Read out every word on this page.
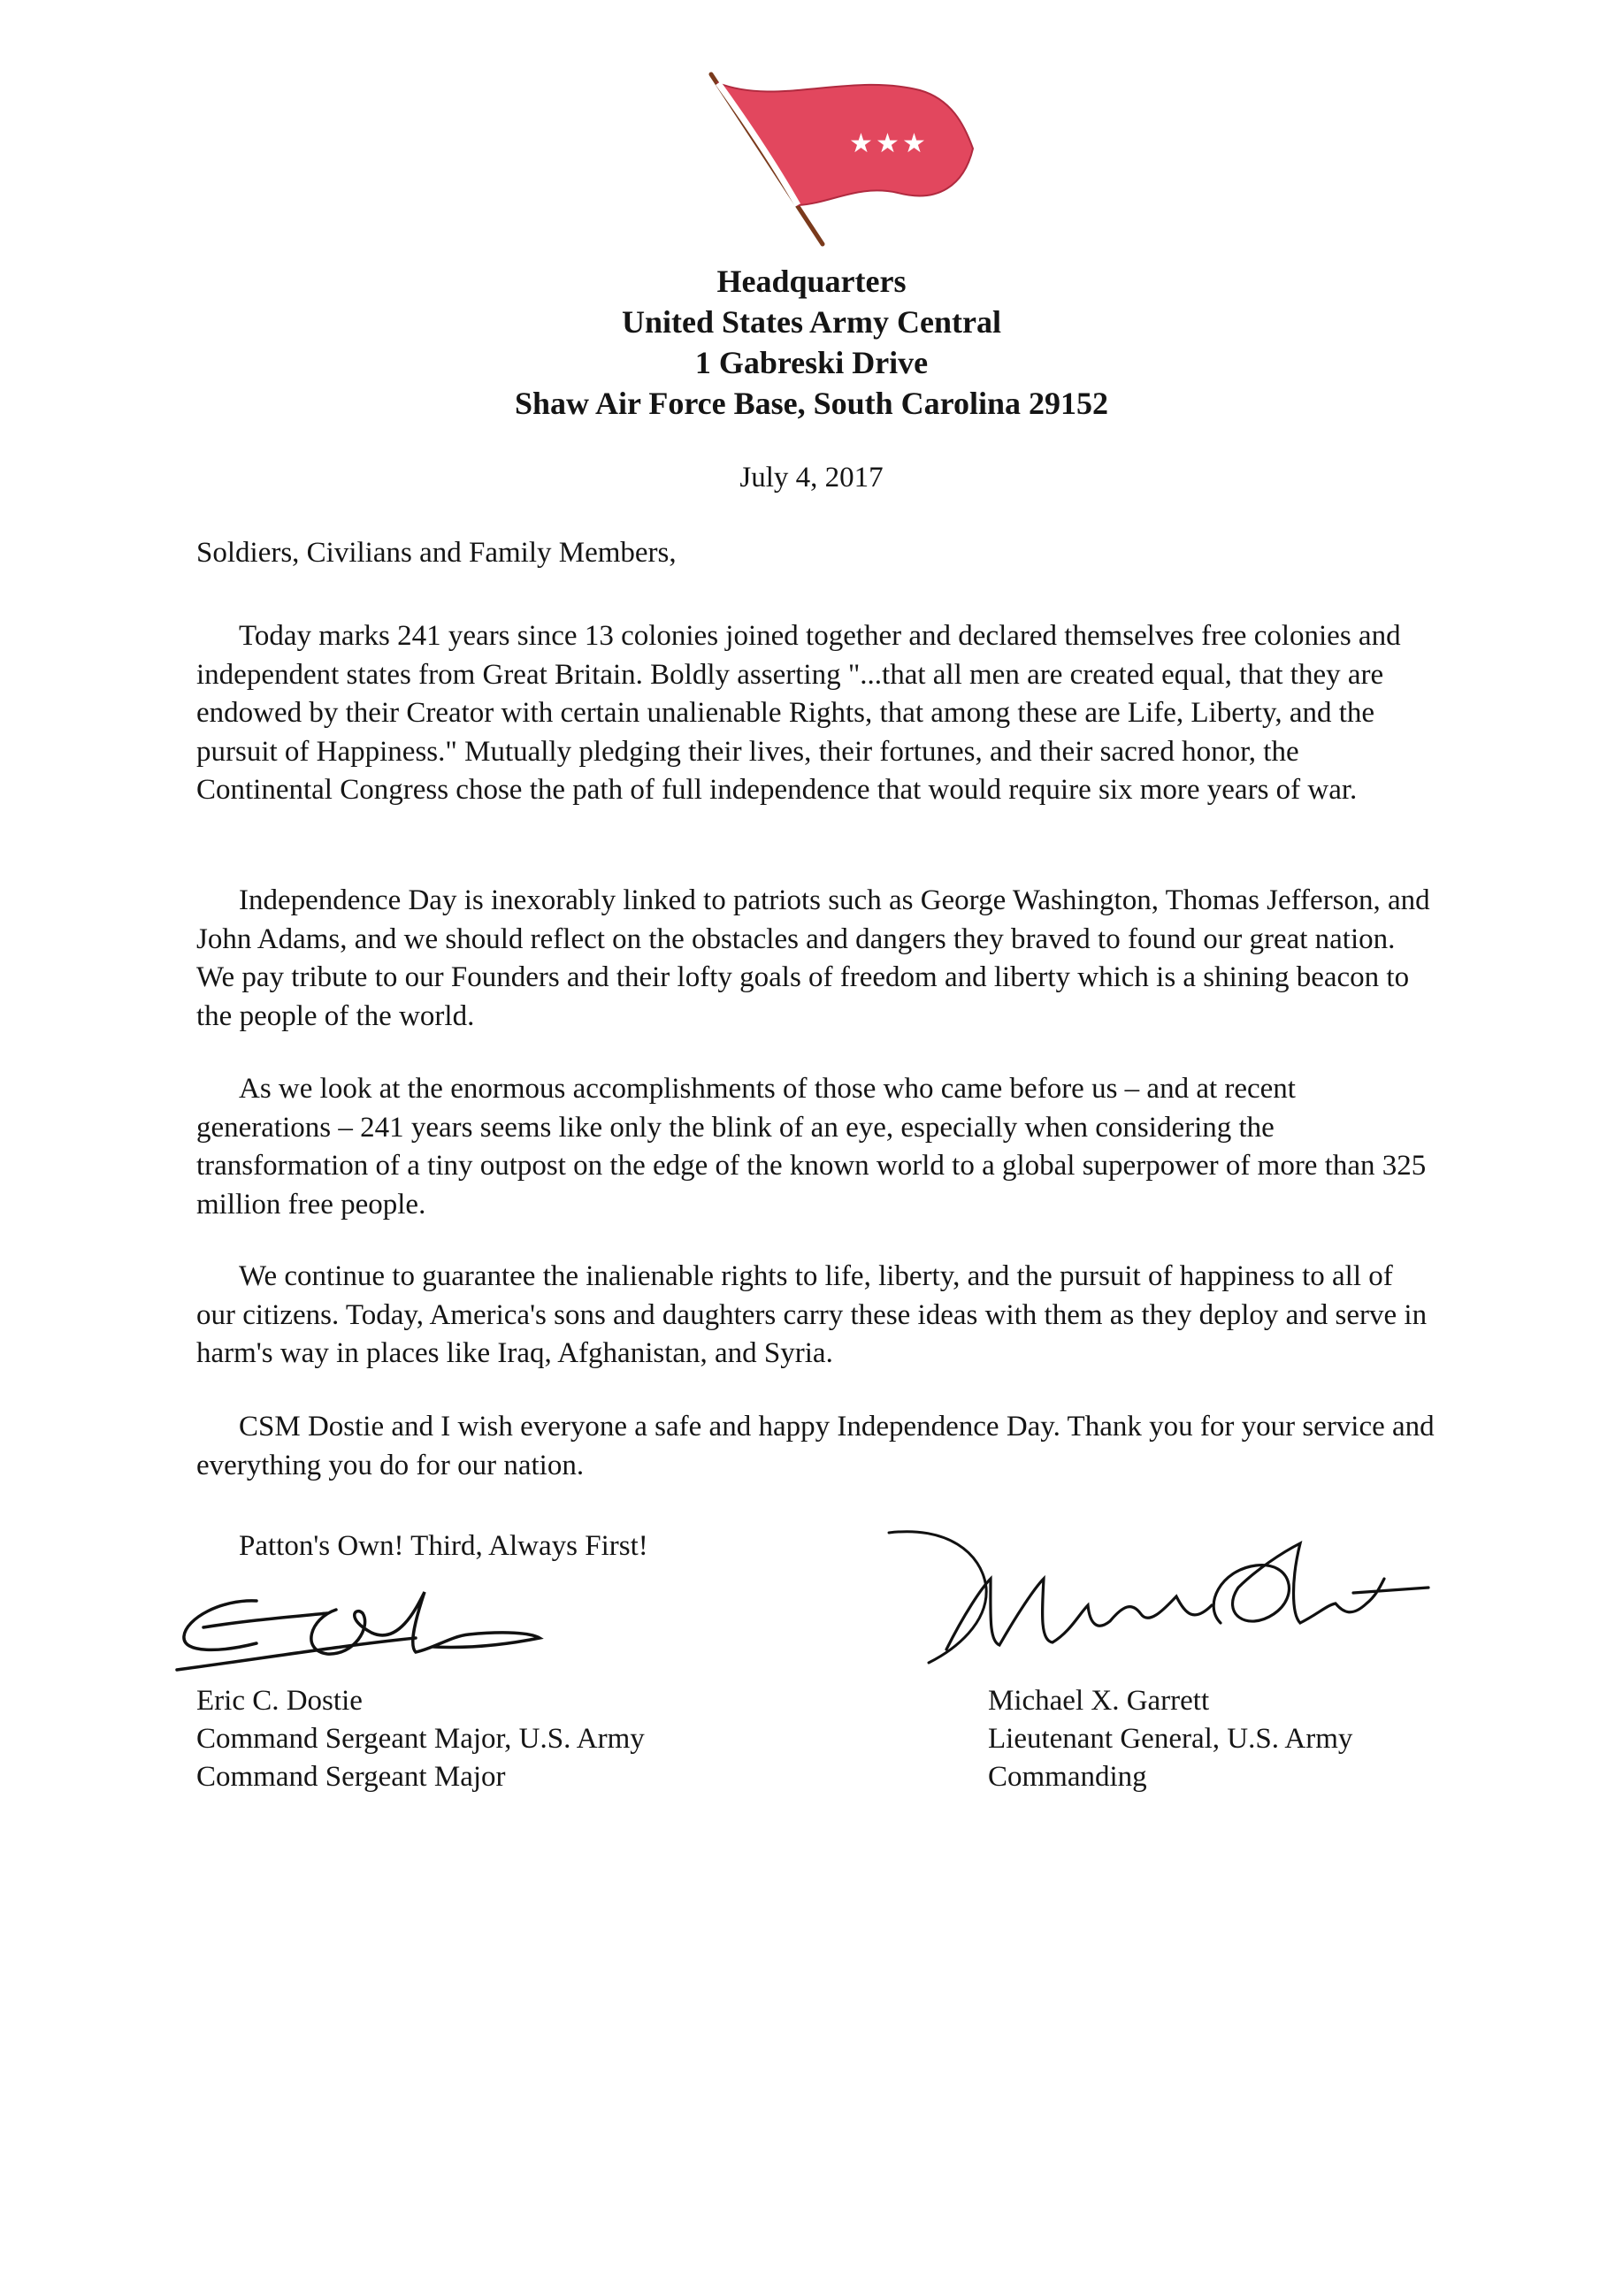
★ ★ ★
Headquarters
United States Army Central
1 Gabreski Drive
Shaw Air Force Base, South Carolina 29152
July 4, 2017
Soldiers, Civilians and Family Members,

Today marks 241 years since 13 colonies joined together and declared themselves free colonies and independent states from Great Britain. Boldly asserting "...that all men are created equal, that they are endowed by their Creator with certain unalienable Rights, that among these are Life, Liberty, and the pursuit of Happiness." Mutually pledging their lives, their fortunes, and their sacred honor, the Continental Congress chose the path of full independence that would require six more years of war.

Independence Day is inexorably linked to patriots such as George Washington, Thomas Jefferson, and John Adams, and we should reflect on the obstacles and dangers they braved to found our great nation. We pay tribute to our Founders and their lofty goals of freedom and liberty which is a shining beacon to the people of the world.

As we look at the enormous accomplishments of those who came before us – and at recent generations – 241 years seems like only the blink of an eye, especially when considering the transformation of a tiny outpost on the edge of the known world to a global superpower of more than 325 million free people.

We continue to guarantee the inalienable rights to life, liberty, and the pursuit of happiness to all of our citizens. Today, America's sons and daughters carry these ideas with them as they deploy and serve in harm's way in places like Iraq, Afghanistan, and Syria.

CSM Dostie and I wish everyone a safe and happy Independence Day. Thank you for your service and everything you do for our nation.

Patton's Own! Third, Always First!
Eric C. Dostie
Command Sergeant Major, U.S. Army
Command Sergeant Major
Michael X. Garrett
Lieutenant General, U.S. Army
Commanding
